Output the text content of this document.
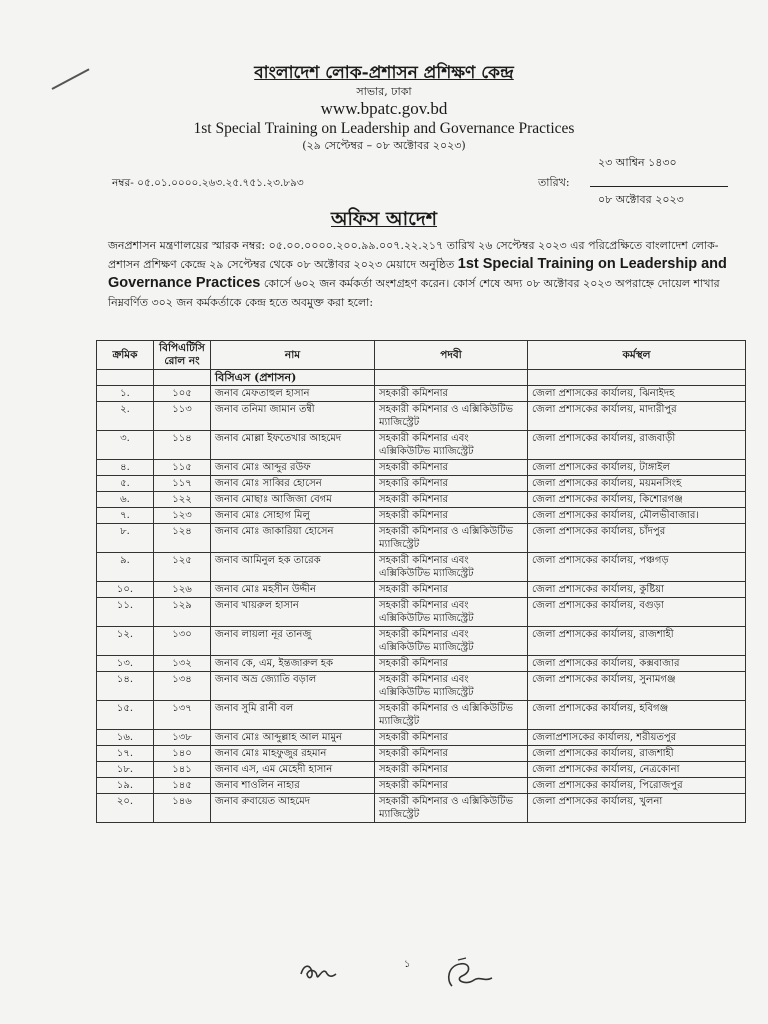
বাংলাদেশ লোক-প্রশাসন প্রশিক্ষণ কেন্দ্র
সাভার, ঢাকা
www.bpatc.gov.bd
1st Special Training on Leadership and Governance Practices
(২৯ সেপ্টেম্বর – ০৮ অক্টোবর ২০২৩)
২৩ আশ্বিন ১৪৩০
নম্বর- ০৫.০১.০০০০.২৬৩.২৫.৭৫১.২৩.৮৯৩	তারিখ:
০৮ অক্টোবর ২০২৩
অফিস আদেশ
জনপ্রশাসন মন্ত্রণালয়ের স্মারক নম্বর: ০৫.০০.০০০০.২০০.৯৯.০০৭.২২.২১৭ তারিখ ২৬ সেপ্টেম্বর ২০২৩ এর পরিপ্রেক্ষিতে বাংলাদেশ লোক-প্রশাসন প্রশিক্ষণ কেন্দ্রে ২৯ সেপ্টেম্বর থেকে ০৮ অক্টোবর ২০২৩ মেয়াদে অনুষ্ঠিত 1st Special Training on Leadership and Governance Practices কোর্সে ৬০২ জন কর্মকর্তা অংশগ্রহণ করেন। কোর্স শেষে অদ্য ০৮ অক্টোবর ২০২৩ অপরাহ্নে দোয়েল শাখার নিম্নবর্ণিত ৩০২ জন কর্মকর্তাকে কেন্দ্র হতে অবমুক্ত করা হলো:
ক্রমিক	বিপিএটিসি রোল নং	নাম	পদবী	কর্মস্থল
		বিসিএস (প্রশাসন)		
১.	১০৫	জনাব মেফতাহুল হাসান	সহকারী কমিশনার	জেলা প্রশাসকের কার্যালয়, ঝিনাইদহ
২.	১১৩	জনাব তনিমা জামান তন্বী	সহকারী কমিশনার ও এক্সিকিউটিভ ম্যাজিস্ট্রেট	জেলা প্রশাসকের কার্যালয়, মাদারীপুর
৩.	১১৪	জনাব মোল্লা ইফতেখার আহমেদ	সহকারী কমিশনার এবং এক্সিকিউটিভ ম্যাজিস্ট্রেট	জেলা প্রশাসকের কার্যালয়, রাজবাড়ী
৪.	১১৫	জনাব মোঃ আব্দুর রউফ	সহকারী কমিশনার	জেলা প্রশাসকের কার্যালয়, টাঙ্গাইল
৫.	১১৭	জনাব মোঃ সাব্বির হোসেন	সহকারি কমিশনার	জেলা প্রশাসকের কার্যালয়, ময়মনসিংহ
৬.	১২২	জনাব মোছাঃ আজিজা বেগম	সহকারী কমিশনার	জেলা প্রশাসকের কার্যালয়, কিশোরগঞ্জ
৭.	১২৩	জনাব মোঃ সোহাগ মিলু	সহকারী কমিশনার	জেলা প্রশাসকের কার্যালয়, মৌলভীবাজার।
৮.	১২৪	জনাব মোঃ জাকারিয়া হোসেন	সহকারী কমিশনার ও এক্সিকিউটিভ ম্যাজিস্ট্রেট	জেলা প্রশাসকের কার্যালয়, চাঁদপুর
৯.	১২৫	জনাব আমিনুল হক তারেক	সহকারী কমিশনার এবং এক্সিকিউটিভ ম্যাজিস্ট্রেট	জেলা প্রশাসকের কার্যালয়, পঞ্চগড়
১০.	১২৬	জনাব মোঃ মহসীন উদ্দীন	সহকারী কমিশনার	জেলা প্রশাসকের কার্যালয়, কুষ্টিয়া
১১.	১২৯	জনাব খায়রুল হাসান	সহকারী কমিশনার এবং এক্সিকিউটিভ ম্যাজিস্ট্রেট	জেলা প্রশাসকের কার্যালয়, বগুড়া
১২.	১৩০	জনাব লায়লা নূর তানজু	সহকারী কমিশনার এবং এক্সিকিউটিভ ম্যাজিস্ট্রেট	জেলা প্রশাসকের কার্যালয়, রাজশাহী
১৩.	১৩২	জনাব কে, এম, ইন্তজারুল হক	সহকারী কমিশনার	জেলা প্রশাসকের কার্যালয়, কক্সবাজার
১৪.	১৩৪	জনাব অভ্র জ্যোতি বড়াল	সহকারী কমিশনার এবং এক্সিকিউটিভ ম্যাজিস্ট্রেট	জেলা প্রশাসকের কার্যালয়, সুনামগঞ্জ
১৫.	১৩৭	জনাব সুমি রানী বল	সহকারী কমিশনার ও এক্সিকিউটিভ ম্যাজিস্ট্রেট	জেলা প্রশাসকের কার্যালয়, হবিগঞ্জ
১৬.	১৩৮	জনাব মোঃ আব্দুল্লাহ আল মামুন	সহকারী কমিশনার	জেলাপ্রশাসকের কার্যালয়, শরীয়তপুর
১৭.	১৪০	জনাব মোঃ মাহফুজুর রহমান	সহকারী কমিশনার	জেলা প্রশাসকের কার্যালয়, রাজশাহী
১৮.	১৪১	জনাব এস, এম মেহেদী হাসান	সহকারী কমিশনার	জেলা প্রশাসকের কার্যালয়, নেত্রকোনা
১৯.	১৪৫	জনাব শাওলিন নাহার	সহকারী কমিশনার	জেলা প্রশাসকের কার্যালয়, পিরোজপুর
২০.	১৪৬	জনাব রুবায়েত আহমেদ	সহকারী কমিশনার ও এক্সিকিউটিভ ম্যাজিস্ট্রেট	জেলা প্রশাসকের কার্যালয়, খুলনা
১
